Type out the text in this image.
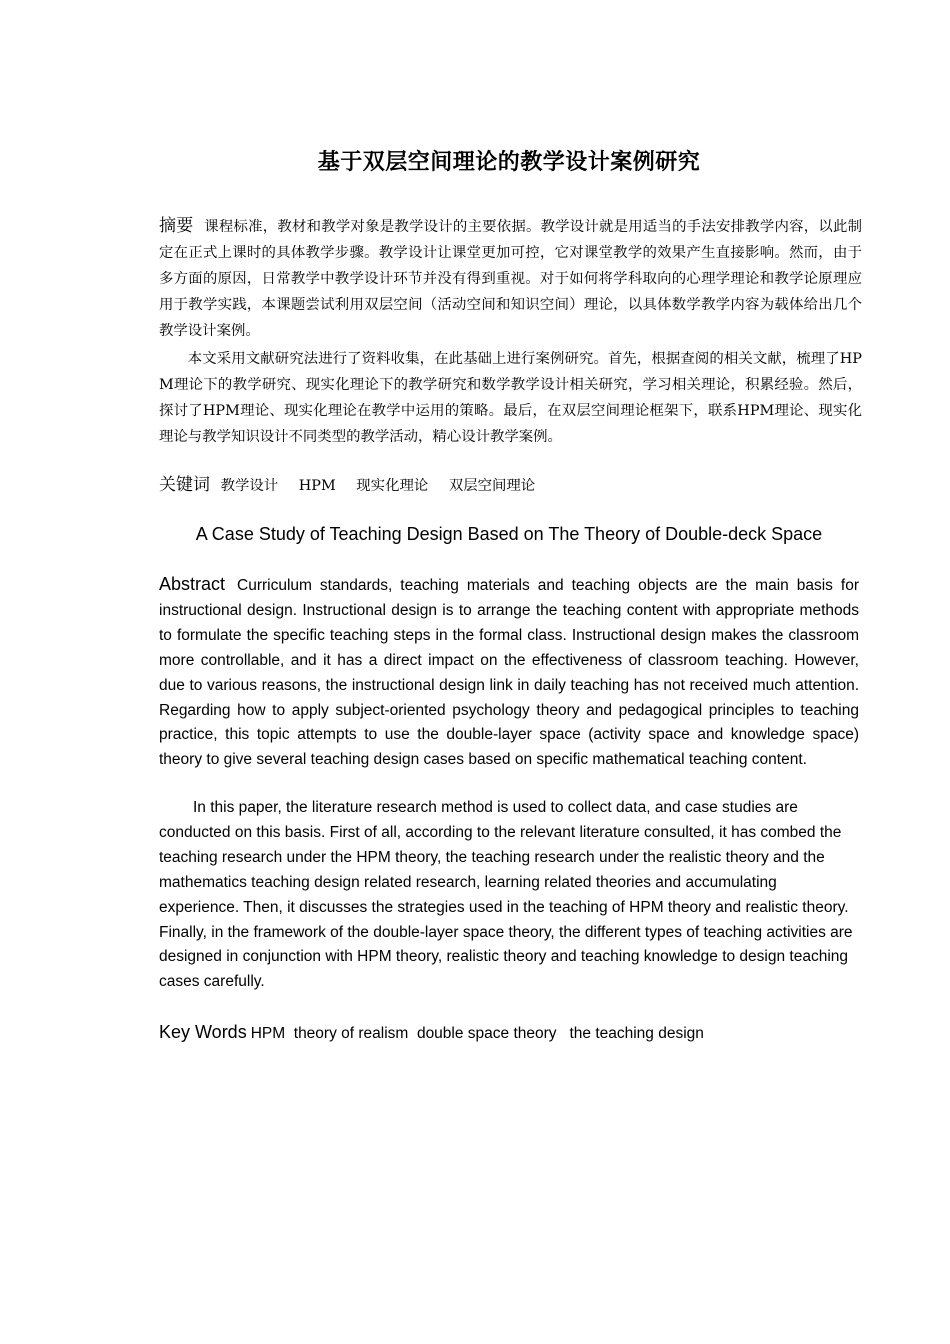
基于双层空间理论的教学设计案例研究
摘要 课程标准，教材和教学对象是教学设计的主要依据。教学设计就是用适当的手法安排教学内容，以此制定在正式上课时的具体教学步骤。教学设计让课堂更加可控，它对课堂教学的效果产生直接影响。然而，由于多方面的原因，日常教学中教学设计环节并没有得到重视。对于如何将学科取向的心理学理论和教学论原理应用于教学实践，本课题尝试利用双层空间（活动空间和知识空间）理论，以具体数学教学内容为载体给出几个教学设计案例。
本文采用文献研究法进行了资料收集，在此基础上进行案例研究。首先，根据查阅的相关文献，梳理了HPM理论下的教学研究、现实化理论下的教学研究和数学教学设计相关研究，学习相关理论，积累经验。然后，探讨了HPM理论、现实化理论在教学中运用的策略。最后，在双层空间理论框架下，联系HPM理论、现实化理论与教学知识设计不同类型的教学活动，精心设计教学案例。
关键词 教学设计 HPM 现实化理论 双层空间理论
A Case Study of Teaching Design Based on The Theory of Double-deck Space
Abstract Curriculum standards, teaching materials and teaching objects are the main basis for instructional design. Instructional design is to arrange the teaching content with appropriate methods to formulate the specific teaching steps in the formal class. Instructional design makes the classroom more controllable, and it has a direct impact on the effectiveness of classroom teaching. However, due to various reasons, the instructional design link in daily teaching has not received much attention. Regarding how to apply subject-oriented psychology theory and pedagogical principles to teaching practice, this topic attempts to use the double-layer space (activity space and knowledge space) theory to give several teaching design cases based on specific mathematical teaching content.
In this paper, the literature research method is used to collect data, and case studies are conducted on this basis. First of all, according to the relevant literature consulted, it has combed the teaching research under the HPM theory, the teaching research under the realistic theory and the mathematics teaching design related research, learning related theories and accumulating experience. Then, it discusses the strategies used in the teaching of HPM theory and realistic theory. Finally, in the framework of the double-layer space theory, the different types of teaching activities are designed in conjunction with HPM theory, realistic theory and teaching knowledge to design teaching cases carefully.
Key Words HPM  theory of realism  double space theory   the teaching design
